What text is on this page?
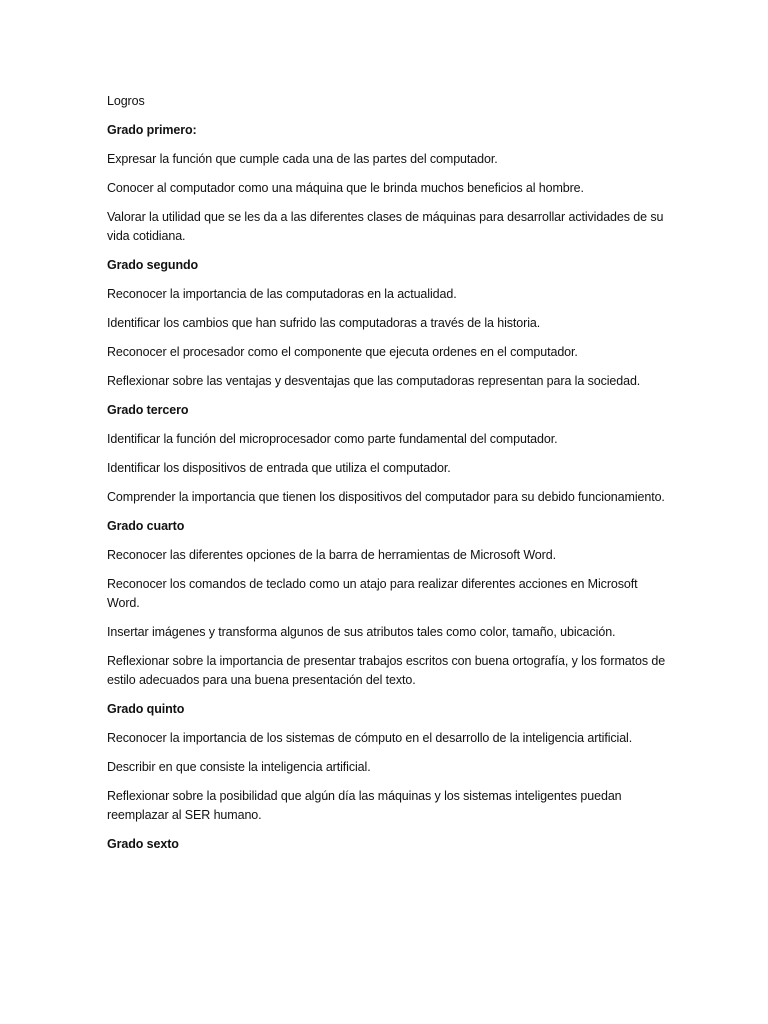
Logros

Grado primero:

Expresar la función que cumple cada una de las partes del computador.

Conocer al computador como una máquina que le brinda muchos beneficios al hombre.

Valorar la utilidad que se les da a las diferentes clases de máquinas para desarrollar actividades de su vida cotidiana.

Grado segundo

Reconocer la importancia de las computadoras en la actualidad.

Identificar los cambios que han sufrido las computadoras a través de la historia.

Reconocer el procesador como el componente que ejecuta ordenes en el computador.

Reflexionar sobre las ventajas y desventajas que las computadoras representan para la sociedad.

Grado tercero

Identificar la función del microprocesador como parte fundamental del computador.

Identificar los dispositivos de entrada que utiliza el computador.

Comprender la importancia que tienen los dispositivos del computador para su debido funcionamiento.

Grado cuarto

Reconocer las diferentes opciones de la barra de herramientas de Microsoft Word.

Reconocer los comandos de teclado como un atajo para realizar diferentes acciones en Microsoft Word.

Insertar imágenes y transforma algunos de sus atributos tales como color, tamaño, ubicación.

Reflexionar sobre la importancia de presentar trabajos escritos con buena ortografía, y los formatos de estilo adecuados para una buena presentación del texto.

Grado quinto

Reconocer la importancia de los sistemas de cómputo en el desarrollo de la inteligencia artificial.

Describir en que consiste la inteligencia artificial.

Reflexionar sobre la posibilidad que algún día las máquinas y los sistemas inteligentes puedan reemplazar al SER humano.

Grado sexto
